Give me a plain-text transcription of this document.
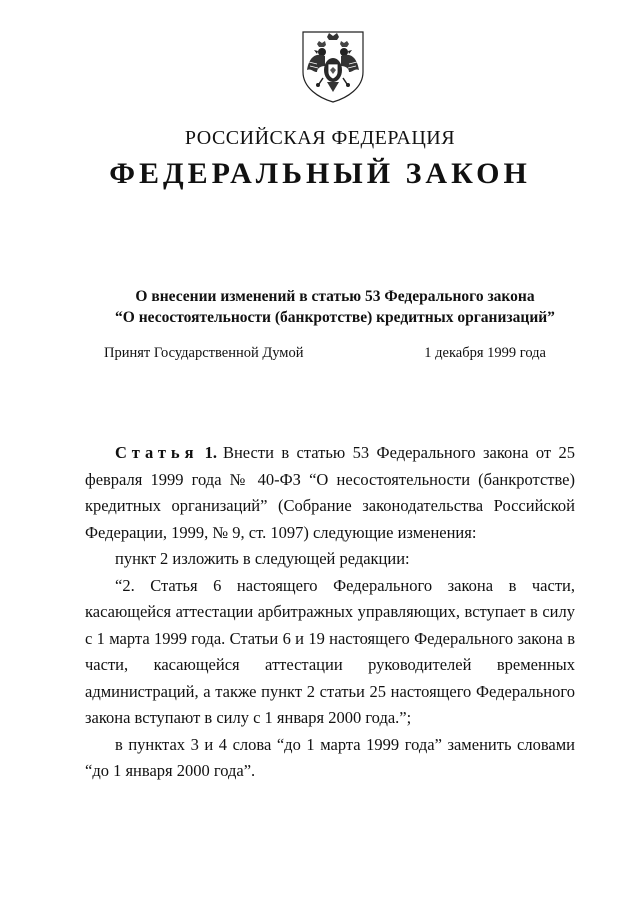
РОССИЙСКАЯ ФЕДЕРАЦИЯ
ФЕДЕРАЛЬНЫЙ ЗАКОН
О внесении изменений в статью 53 Федерального закона
“О несостоятельности (банкротстве) кредитных организаций”
Принят Государственной Думой	1 декабря 1999 года

Статья 1. Внести в статью 53 Федерального закона от 25 февраля 1999 года № 40-ФЗ “О несостоятельности (банкротстве) кредитных организаций” (Собрание законодательства Российской Федерации, 1999, № 9, ст. 1097) следующие изменения:

пункт 2 изложить в следующей редакции:

“2. Статья 6 настоящего Федерального закона в части, касающейся аттестации арбитражных управляющих, вступает в силу с 1 марта 1999 года. Статьи 6 и 19 настоящего Федерального закона в части, касающейся аттестации руководителей временных администраций, а также пункт 2 статьи 25 настоящего Федерального закона вступают в силу с 1 января 2000 года.”;

в пунктах 3 и 4 слова “до 1 марта 1999 года” заменить словами “до 1 января 2000 года”.
